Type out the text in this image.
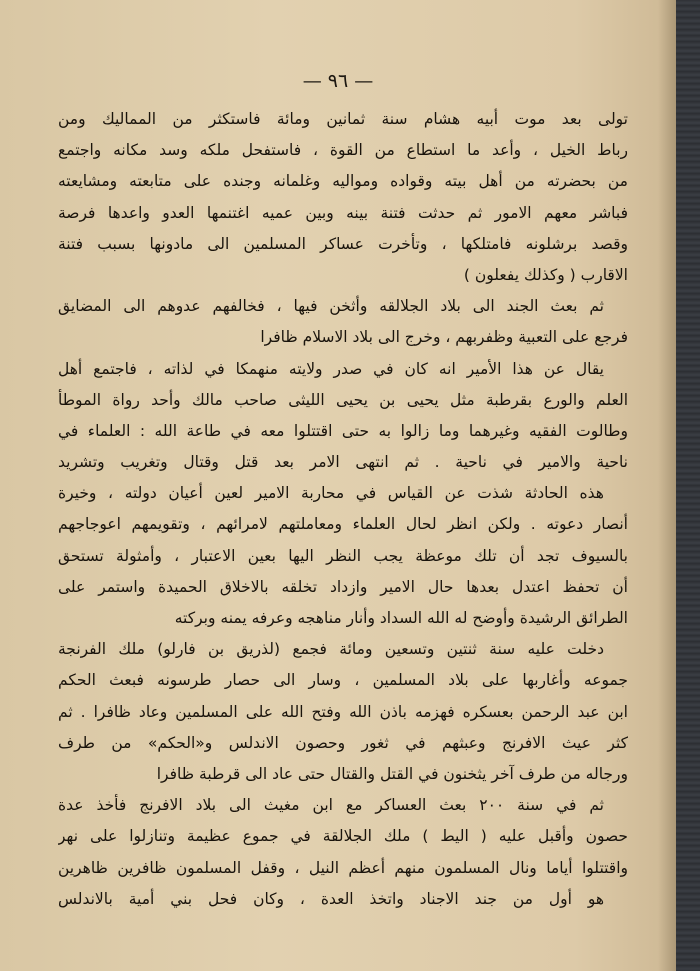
— ٩٦ —
تولى بعد موت أبيه هشام سنة ثمانين ومائة فاستكثر من المماليك ومن
رباط الخيل ، وأعد ما استطاع من القوة ، فاستفحل ملكه وسد مكانه واجتمع
من بحضرته من أهل بيته وقواده ومواليه وغلمانه وجنده على متابعته ومشايعته
فباشر معهم الامور ثم حدثت فتنة بينه وبين عميه اغتنمها العدو واعدها فرصة
وقصد برشلونه فامتلكها ، وتأخرت عساكر المسلمين الى مادونها بسبب فتنة
الاقارب ( وكذلك يفعلون )
ثم بعث الجند الى بلاد الجلالقه وأثخن فيها ، فخالفهم عدوهم الى المضايق
فرجع على التعبية وظفربهم ، وخرج الى بلاد الاسلام ظافرا
يقال عن هذا الأمير انه كان في صدر ولايته منهمكا في لذاته ، فاجتمع أهل
العلم والورع بقرطبة مثل يحيى بن يحيى الليثى صاحب مالك وأحد رواة الموطأ
وطالوت الفقيه وغيرهما وما زالوا به حتى اقتتلوا معه في طاعة الله : العلماء في
ناحية والامير في ناحية . ثم انتهى الامر بعد قتل وقتال وتغريب وتشريد
هذه الحادثة شذت عن القياس في محاربة الامير لعين أعيان دولته ، وخيرة
أنصار دعوته . ولكن انظر لحال العلماء ومعاملتهم لامرائهم ، وتقويمهم اعوجاجهم
بالسيوف تجد أن تلك موعظة يجب النظر اليها بعين الاعتبار ، وأمثولة تستحق
أن تحفظ اعتدل بعدها حال الامير وازداد تخلقه بالاخلاق الحميدة واستمر على
الطرائق الرشيدة وأوضح له الله السداد وأنار مناهجه وعرفه يمنه وبركته
دخلت عليه سنة ثنتين وتسعين ومائة فجمع (لذريق بن فارلو) ملك الفرنجة
جموعه وأغاربها على بلاد المسلمين ، وسار الى حصار طرسونه فبعث الحكم
ابن عبد الرحمن بعسكره فهزمه باذن الله وفتح الله على المسلمين وعاد ظافرا . ثم
كثر عيث الافرنج وعبثهم في ثغور وحصون الاندلس و«الحكم» من طرف
ورجاله من طرف آخر يثخنون في القتل والقتال حتى عاد الى قرطبة ظافرا
ثم في سنة ٢٠٠ بعث العساكر مع ابن مغيث الى بلاد الافرنج فأخذ عدة
حصون وأقبل عليه ( اليط ) ملك الجلالقة في جموع عظيمة وتنازلوا على نهر
واقتتلوا أياما ونال المسلمون منهم أعظم النيل ، وقفل المسلمون ظافرين ظاهرين
هو أول من جند الاجناد واتخذ العدة ، وكان فحل بني أمية بالاندلس
